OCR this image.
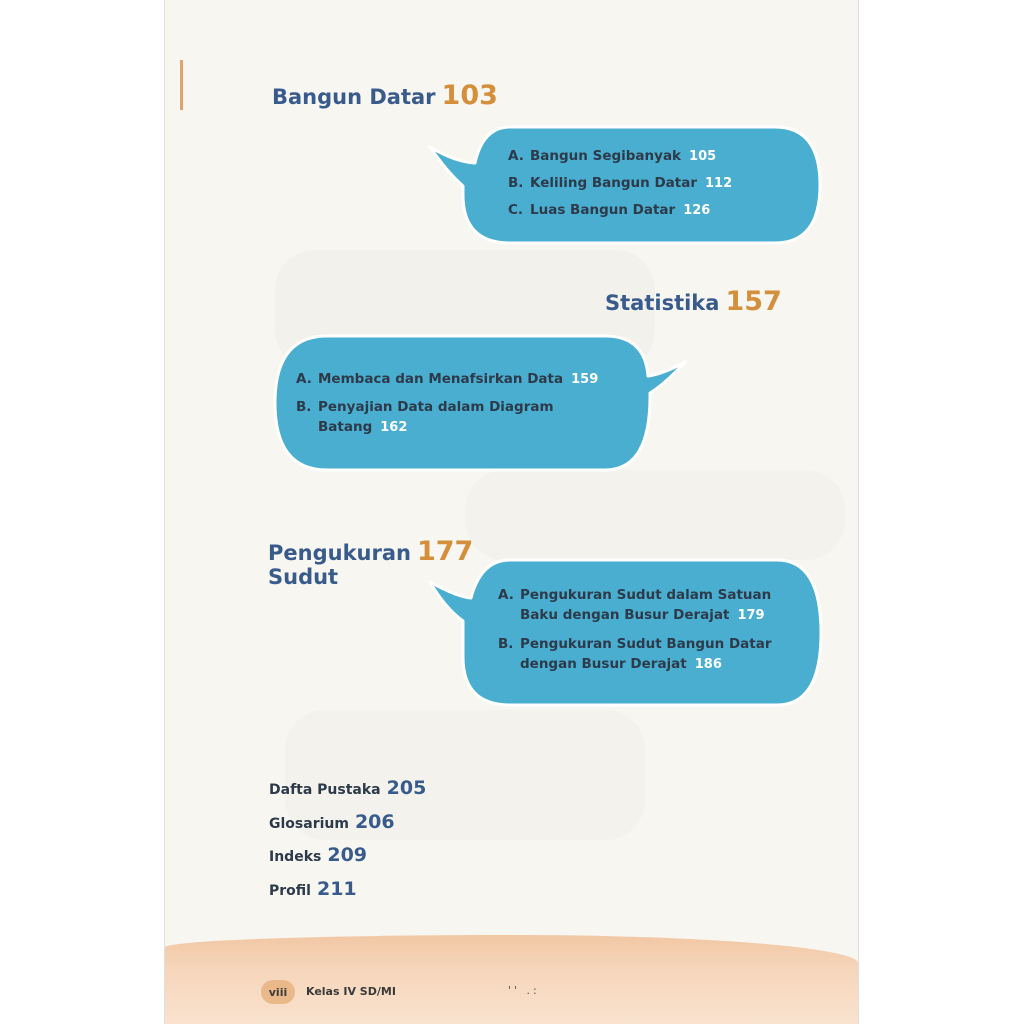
Bangun Datar 103
A. Bangun Segibanyak 105
B. Keliling Bangun Datar 112
C. Luas Bangun Datar 126
Statistika 157
A. Membaca dan Menafsirkan Data 159
B. Penyajian Data dalam Diagram
Batang 162
Pengukuran 177
Sudut
A. Pengukuran Sudut dalam Satuan
Baku dengan Busur Derajat 179
B. Pengukuran Sudut Bangun Datar
dengan Busur Derajat 186
Dafta Pustaka 205
Glosarium 206
Indeks 209
Profil 211
viii	Kelas IV SD/MI	'' .:
